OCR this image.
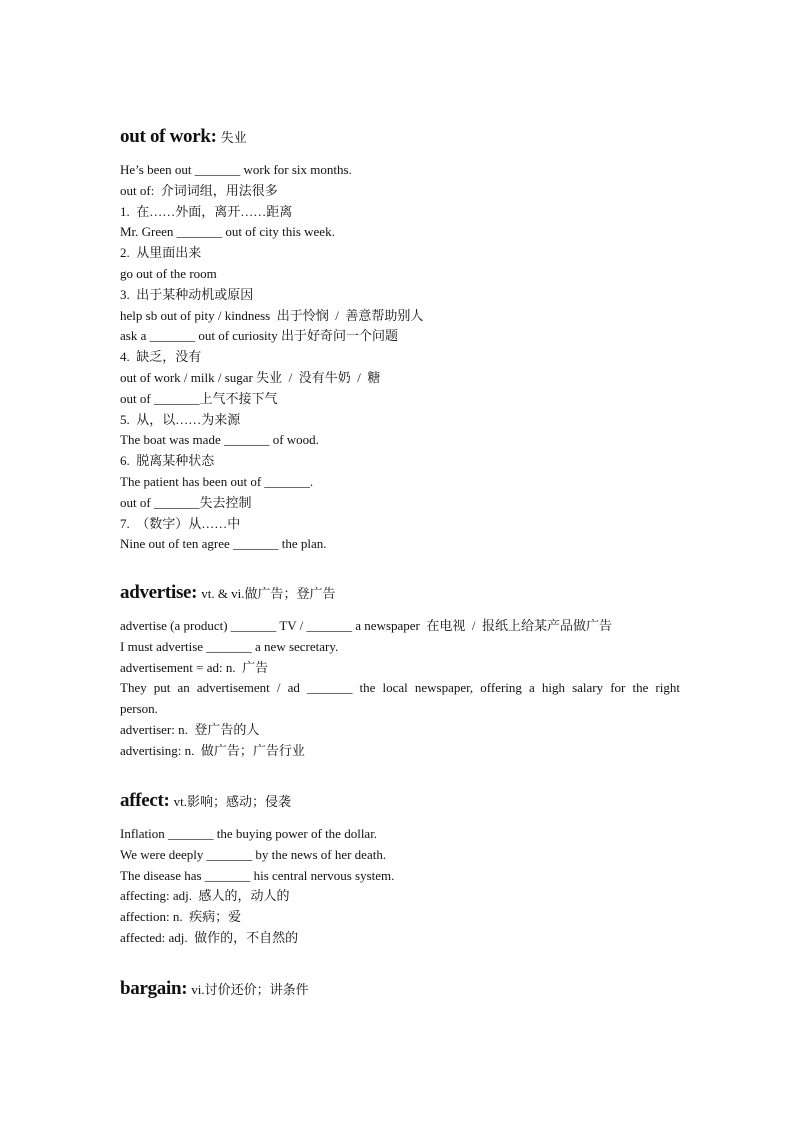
out of work: 失业

He’s been out _______ work for six months.

out of:  介词词组，用法很多

1.  在……外面，离开……距离

Mr. Green _______ out of city this week.

2.  从里面出来

go out of the room

3.  出于某种动机或原因

help sb out of pity / kindness  出于怜悯  /  善意帮助别人

ask a _______ out of curiosity 出于好奇问一个问题

4.  缺乏，没有

out of work / milk / sugar 失业  /  没有牛奶  /  糖

out of _______上气不接下气

5.  从，以……为来源

The boat was made _______ of wood.

6.  脱离某种状态

The patient has been out of _______.

out of _______失去控制

7.  （数字）从……中

Nine out of ten agree _______ the plan.

advertise: vt. & vi.做广告；登广告

advertise (a product) _______ TV / _______ a newspaper  在电视  /  报纸上给某产品做广告

I must advertise _______ a new secretary.

advertisement = ad: n.  广告

They put an advertisement / ad _______ the local newspaper, offering a high salary for the right

person.

advertiser: n.  登广告的人

advertising: n.  做广告；广告行业

affect: vt.影响；感动；侵袭

Inflation _______ the buying power of the dollar.

We were deeply _______ by the news of her death.

The disease has _______ his central nervous system.

affecting: adj.  感人的，动人的

affection: n.  疾病；爱

affected: adj.  做作的，不自然的

bargain: vi.讨价还价；讲条件
